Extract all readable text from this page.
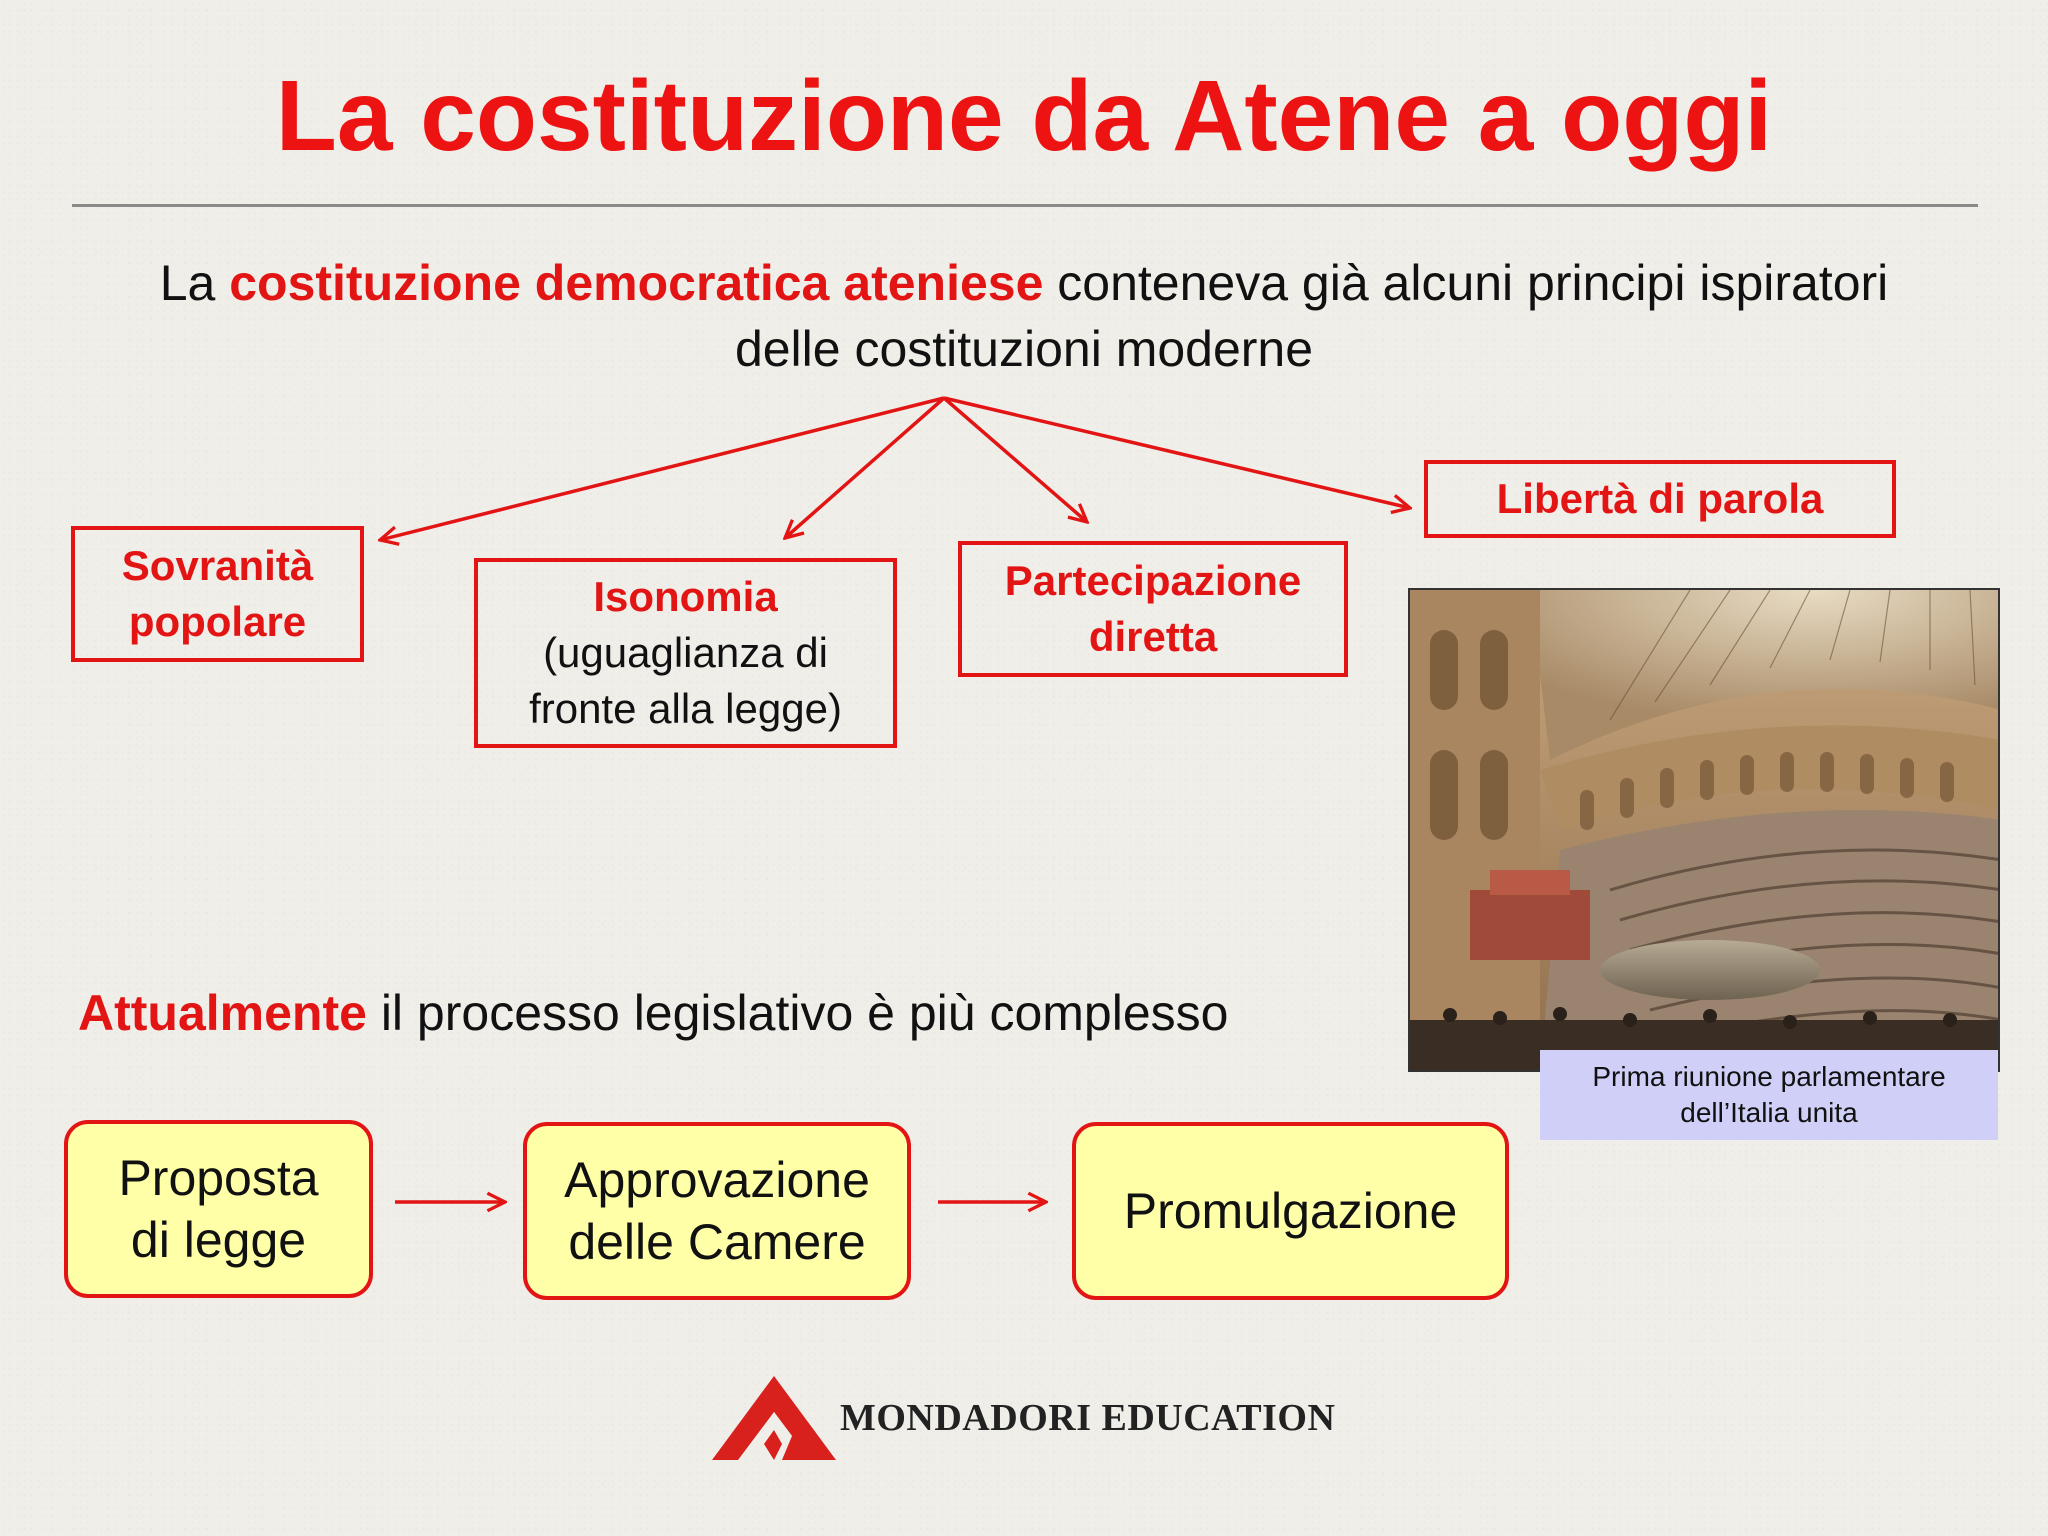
La costituzione da Atene a oggi
La costituzione democratica ateniese conteneva già alcuni principi ispiratori
delle costituzioni moderne
Sovranità
popolare
Isonomia
(uguaglianza di
fronte alla legge)
Partecipazione
diretta
Libertà di parola
Prima riunione parlamentare
dell’Italia unita
Attualmente il processo legislativo è più complesso
Proposta
di legge
Approvazione
delle Camere
Promulgazione
MONDADORI EDUCATION
